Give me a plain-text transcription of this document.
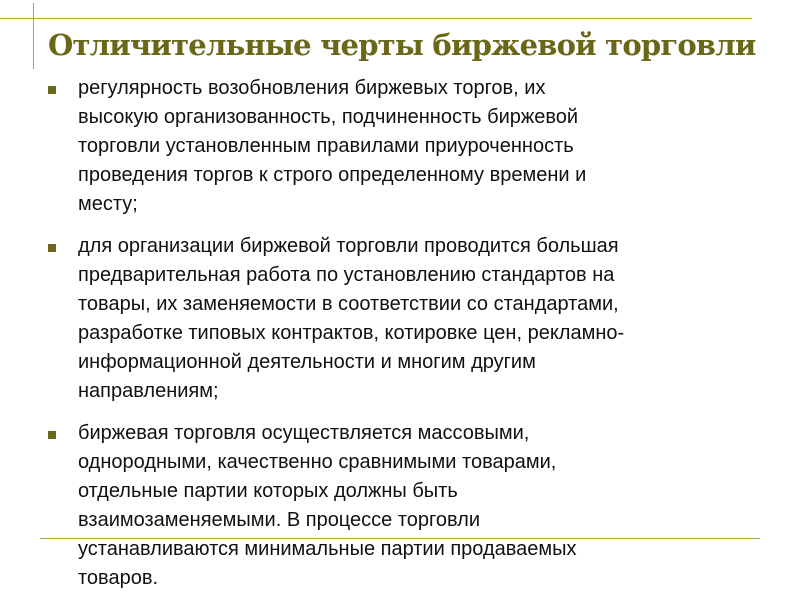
Отличительные черты биржевой торговли
регулярность возобновления биржевых торгов, их
высокую организованность, подчиненность биржевой
торговли установленным правилами приуроченность
проведения торгов к строго определенному времени и
месту;
для организации биржевой торговли проводится большая
предварительная работа по установлению стандартов на
товары, их заменяемости в соответствии со стандартами,
разработке типовых контрактов, котировке цен, рекламно-
информационной деятельности и многим другим
направлениям;
биржевая торговля осуществляется массовыми,
однородными, качественно сравнимыми товарами,
отдельные партии которых должны быть
взаимозаменяемыми. В процессе торговли
устанавливаются минимальные партии продаваемых
товаров.
